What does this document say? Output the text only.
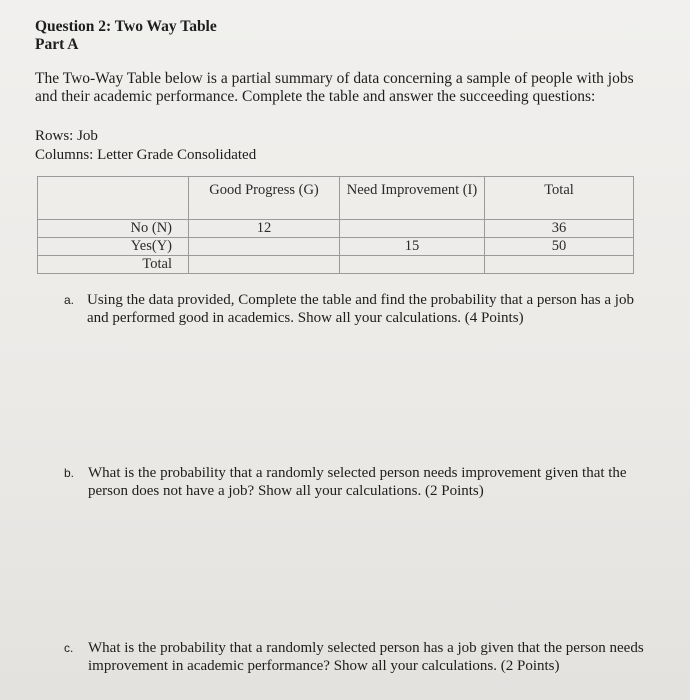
Question 2: Two Way Table
Part A
The Two-Way Table below is a partial summary of data concerning a sample of people with jobs and their academic performance. Complete the table and answer the succeeding questions:
Rows: Job
Columns: Letter Grade Consolidated
	Good Progress (G)	Need Improvement (I)	Total
No (N)	12		36
Yes(Y)		15	50
Total			
a. Using the data provided, Complete the table and find the probability that a person has a job and performed good in academics. Show all your calculations. (4 Points)
b. What is the probability that a randomly selected person needs improvement given that the person does not have a job? Show all your calculations. (2 Points)
c. What is the probability that a randomly selected person has a job given that the person needs improvement in academic performance? Show all your calculations. (2 Points)
